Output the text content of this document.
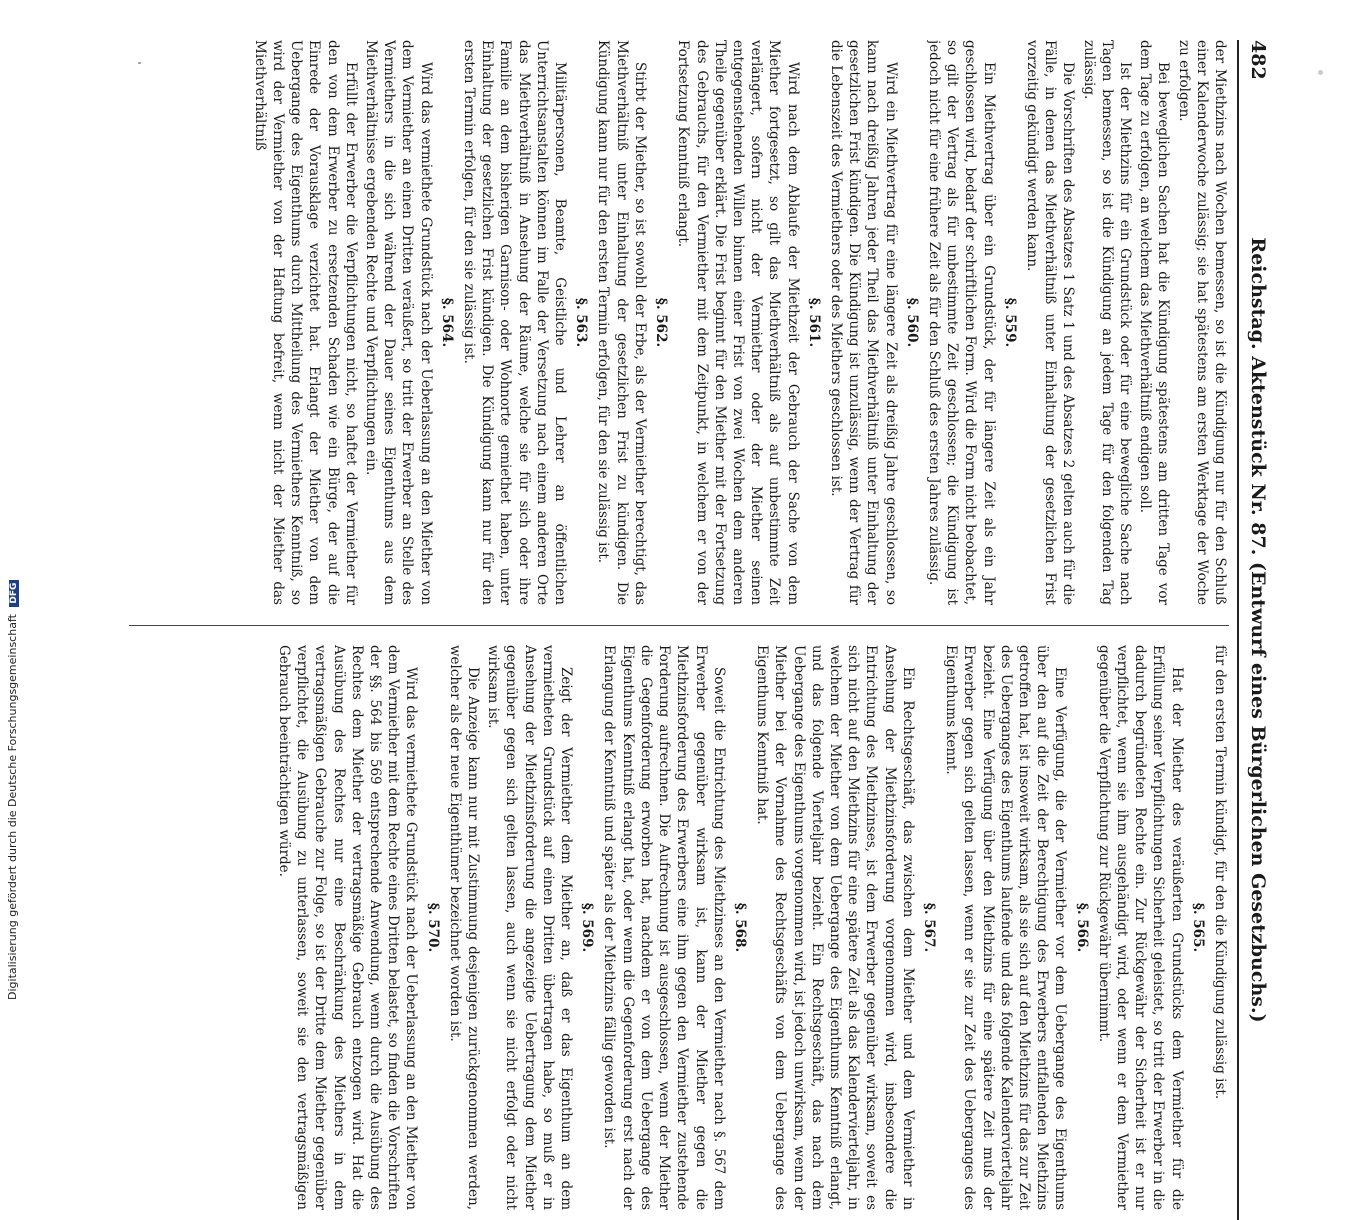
482
Reichstag. Aktenstück Nr. 87. (Entwurf eines Bürgerlichen Gesetzbuchs.)

der Miethzins nach Wochen bemessen, so ist die Kündigung nur für den Schluß einer Kalenderwoche zulässig; sie hat spätestens am ersten Werktage der Woche zu erfolgen.

Bei beweglichen Sachen hat die Kündigung spätestens am dritten Tage vor dem Tage zu erfolgen, an welchem das Miethverhältniß endigen soll.

Ist der Miethzins für ein Grundstück oder für eine bewegliche Sache nach Tagen bemessen, so ist die Kündigung an jedem Tage für den folgenden Tag zulässig.

Die Vorschriften des Absatzes 1 Satz 1 und des Absatzes 2 gelten auch für die Fälle, in denen das Miethverhältniß unter Einhaltung der gesetzlichen Frist vorzeitig gekündigt werden kann.

§. 559.

Ein Miethvertrag über ein Grundstück, der für längere Zeit als ein Jahr geschlossen wird, bedarf der schriftlichen Form. Wird die Form nicht beobachtet, so gilt der Vertrag als für unbestimmte Zeit geschlossen; die Kündigung ist jedoch nicht für eine frühere Zeit als für den Schluß des ersten Jahres zulässig.

§. 560.

Wird ein Miethvertrag für eine längere Zeit als dreißig Jahre geschlossen, so kann nach dreißig Jahren jeder Theil das Miethverhältniß unter Einhaltung der gesetzlichen Frist kündigen. Die Kündigung ist unzulässig, wenn der Vertrag für die Lebenszeit des Vermiethers oder des Miethers geschlossen ist.

§. 561.

Wird nach dem Ablaufe der Miethzeit der Gebrauch der Sache von dem Miether fortgesetzt, so gilt das Miethverhältniß als auf unbestimmte Zeit verlängert, sofern nicht der Vermiether oder der Miether seinen entgegenstehenden Willen binnen einer Frist von zwei Wochen dem anderen Theile gegenüber erklärt. Die Frist beginnt für den Miether mit der Fortsetzung des Gebrauchs, für den Vermiether mit dem Zeitpunkt, in welchem er von der Fortsetzung Kenntniß erlangt.

§. 562.

Stirbt der Miether, so ist sowohl der Erbe, als der Vermiether berechtigt, das Miethverhältniß unter Einhaltung der gesetzlichen Frist zu kündigen. Die Kündigung kann nur für den ersten Termin erfolgen, für den sie zulässig ist.

§. 563.

Militärpersonen, Beamte, Geistliche und Lehrer an öffentlichen Unterrichtsanstalten können im Falle der Versetzung nach einem anderen Orte das Miethverhältniß in Ansehung der Räume, welche sie für sich oder ihre Familie an dem bisherigen Garnison- oder Wohnorte gemiethet haben, unter Einhaltung der gesetzlichen Frist kündigen. Die Kündigung kann nur für den ersten Termin erfolgen, für den sie zulässig ist.

§. 564.

Wird das vermiethete Grundstück nach der Ueberlassung an den Miether von dem Vermiether an einen Dritten veräußert, so tritt der Erwerber an Stelle des Vermiethers in die sich während der Dauer seines Eigenthums aus dem Miethverhältnisse ergebenden Rechte und Verpflichtungen ein.

Erfüllt der Erwerber die Verpflichtungen nicht, so haftet der Vermiether für den von dem Erwerber zu ersetzenden Schaden wie ein Bürge, der auf die Einrede der Vorausklage verzichtet hat. Erlangt der Miether von dem Uebergange des Eigenthums durch Mittheilung des Vermiethers Kenntniß, so wird der Vermiether von der Haftung befreit, wenn nicht der Miether das Miethverhältniß

für den ersten Termin kündigt, für den die Kündigung zulässig ist.

§. 565.

Hat der Miether des veräußerten Grundstücks dem Vermiether für die Erfüllung seiner Verpflichtungen Sicherheit geleistet, so tritt der Erwerber in die dadurch begründeten Rechte ein. Zur Rückgewähr der Sicherheit ist er nur verpflichtet, wenn sie ihm ausgehändigt wird, oder wenn er dem Vermiether gegenüber die Verpflichtung zur Rückgewähr übernimmt.

§. 566.

Eine Verfügung, die der Vermiether vor dem Uebergange des Eigenthums über den auf die Zeit der Berechtigung des Erwerbers entfallenden Miethzins getroffen hat, ist insoweit wirksam, als sie sich auf den Miethzins für das zur Zeit des Ueberganges des Eigenthums laufende und das folgende Kalendervierteljahr bezieht. Eine Verfügung über den Miethzins für eine spätere Zeit muß der Erwerber gegen sich gelten lassen, wenn er sie zur Zeit des Ueberganges des Eigenthums kennt.

§. 567.

Ein Rechtsgeschäft, das zwischen dem Miether und dem Vermiether in Ansehung der Miethzinsforderung vorgenommen wird, insbesondere die Entrichtung des Miethzinses, ist dem Erwerber gegenüber wirksam, soweit es sich nicht auf den Miethzins für eine spätere Zeit als das Kalendervierteljahr, in welchem der Miether von dem Uebergange des Eigenthums Kenntniß erlangt, und das folgende Vierteljahr bezieht. Ein Rechtsgeschäft, das nach dem Uebergange des Eigenthums vorgenommen wird, ist jedoch unwirksam, wenn der Miether bei der Vornahme des Rechtsgeschäfts von dem Uebergange des Eigenthums Kenntniß hat.

§. 568.

Soweit die Entrichtung des Miethzinses an den Vermiether nach §. 567 dem Erwerber gegenüber wirksam ist, kann der Miether gegen die Miethzinsforderung des Erwerbers eine ihm gegen den Vermiether zustehende Forderung aufrechnen. Die Aufrechnung ist ausgeschlossen, wenn der Miether die Gegenforderung erworben hat, nachdem er von dem Uebergange des Eigenthums Kenntniß erlangt hat, oder wenn die Gegenforderung erst nach der Erlangung der Kenntniß und später als der Miethzins fällig geworden ist.

§. 569.

Zeigt der Vermiether dem Miether an, daß er das Eigenthum an dem vermietheten Grundstück auf einen Dritten übertragen habe, so muß er in Ansehung der Miethzinsforderung die angezeigte Uebertragung dem Miether gegenüber gegen sich gelten lassen, auch wenn sie nicht erfolgt oder nicht wirksam ist.

Die Anzeige kann nur mit Zustimmung desjenigen zurückgenommen werden, welcher als der neue Eigenthümer bezeichnet worden ist.

§. 570.

Wird das vermiethete Grundstück nach der Ueberlassung an den Miether von dem Vermiether mit dem Rechte eines Dritten belastet, so finden die Vorschriften der §§. 564 bis 569 entsprechende Anwendung, wenn durch die Ausübung des Rechtes dem Miether der vertragsmäßige Gebrauch entzogen wird. Hat die Ausübung des Rechtes nur eine Beschränkung des Miethers in dem vertragsmäßigen Gebrauche zur Folge, so ist der Dritte dem Miether gegenüber verpflichtet, die Ausübung zu unterlassen, soweit sie den vertragsmäßigen Gebrauch beeinträchtigen würde.

Digitalisierung gefördert durch die Deutsche Forschungsgemeinschaft DFG
